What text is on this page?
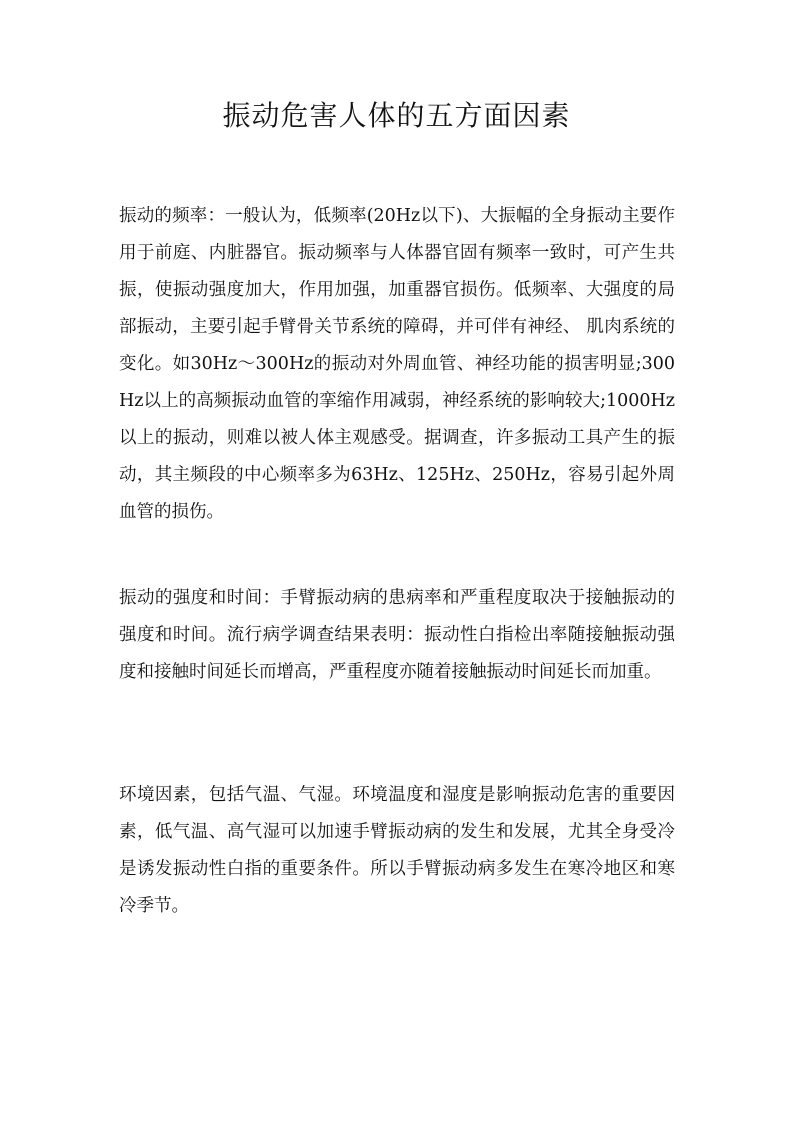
振动危害人体的五方面因素

振动的频率：一般认为，低频率(20Hz以下)、大振幅的全身振动主要作用于前庭、内脏器官。振动频率与人体器官固有频率一致时，可产生共振，使振动强度加大，作用加强，加重器官损伤。低频率、大强度的局部振动，主要引起手臂骨关节系统的障碍，并可伴有神经、 肌肉系统的变化。如30Hz～300Hz的振动对外周血管、神经功能的损害明显;300Hz以上的高频振动血管的挛缩作用减弱，神经系统的影响较大;1000Hz以上的振动，则难以被人体主观感受。据调查，许多振动工具产生的振动，其主频段的中心频率多为63Hz、125Hz、250Hz，容易引起外周血管的损伤。

振动的强度和时间：手臂振动病的患病率和严重程度取决于接触振动的强度和时间。流行病学调查结果表明：振动性白指检出率随接触振动强度和接触时间延长而增高，严重程度亦随着接触振动时间延长而加重。

环境因素，包括气温、气湿。环境温度和湿度是影响振动危害的重要因素，低气温、高气湿可以加速手臂振动病的发生和发展，尤其全身受冷是诱发振动性白指的重要条件。所以手臂振动病多发生在寒冷地区和寒冷季节。
